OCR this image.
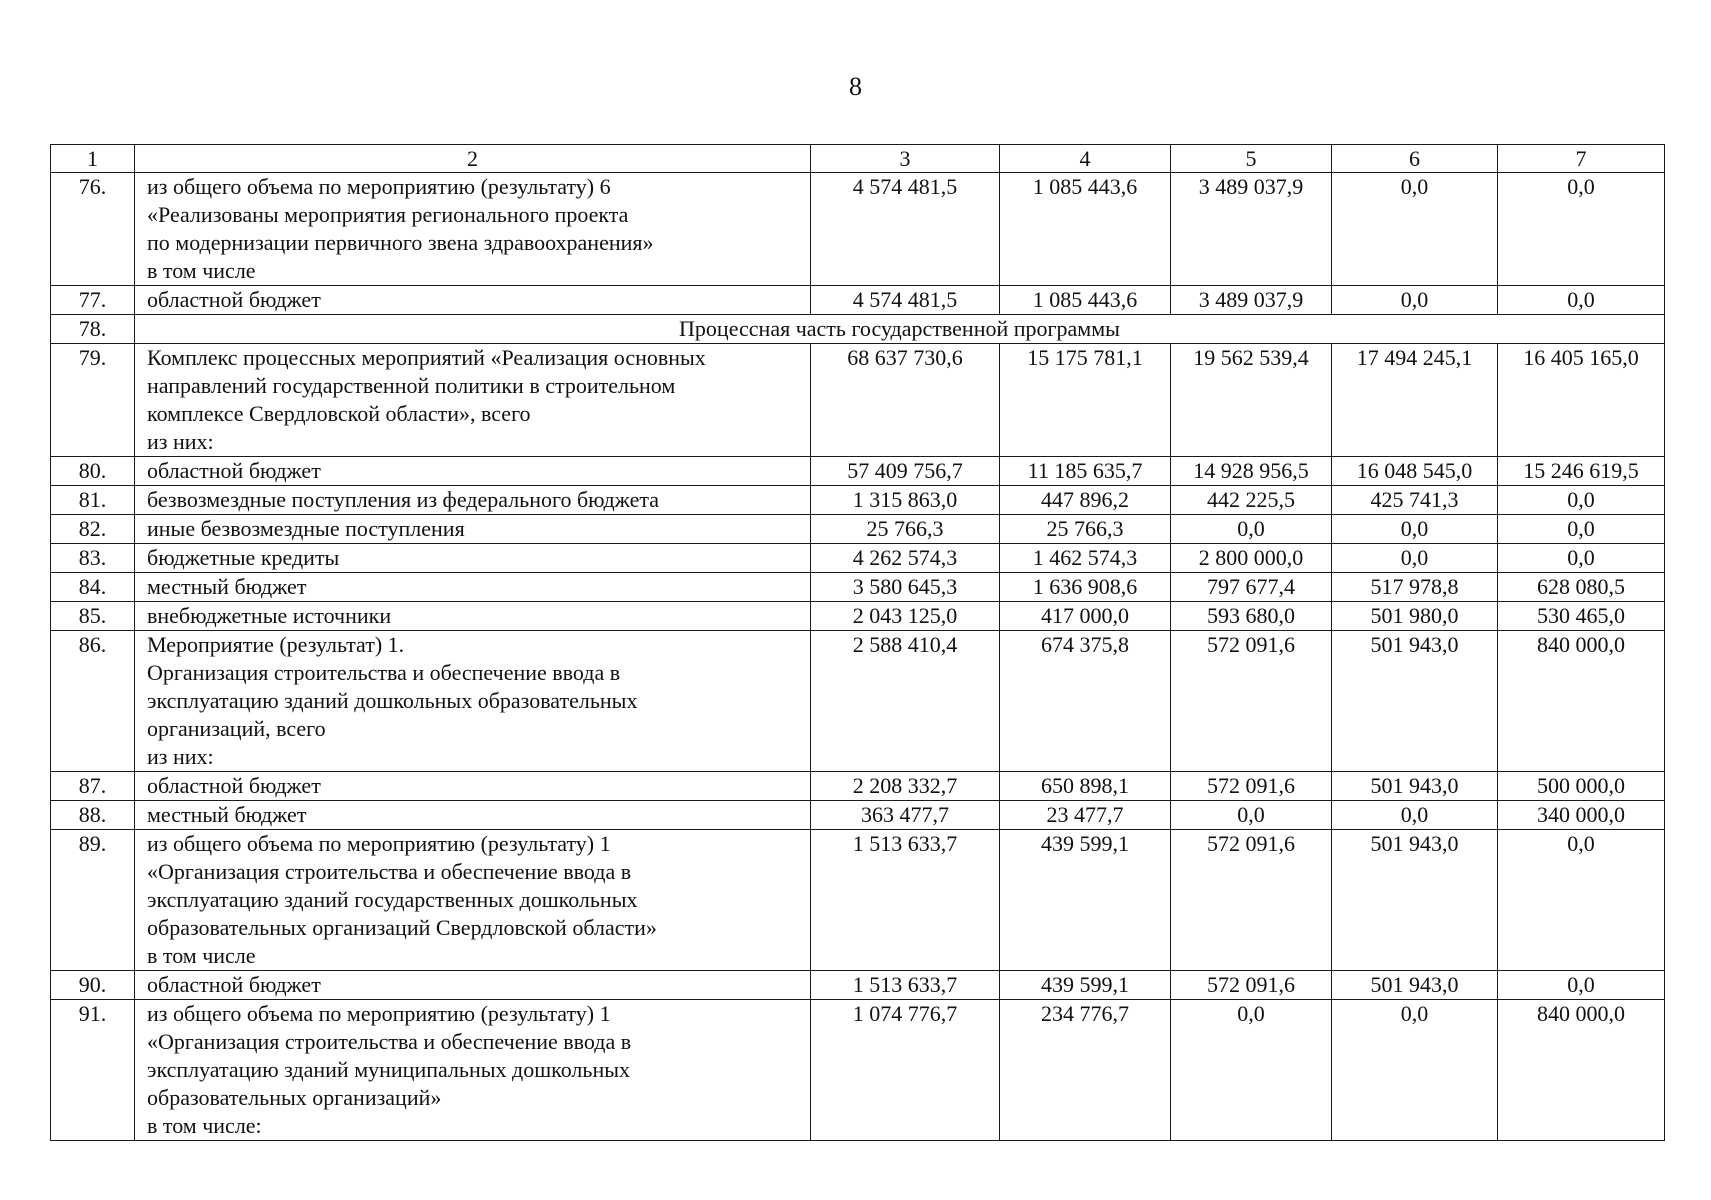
8
1	2	3	4	5	6	7
76.	из общего объема по мероприятию (результату) 6
«Реализованы мероприятия регионального проекта
по модернизации первичного звена здравоохранения»
в том числе	4 574 481,5	1 085 443,6	3 489 037,9	0,0	0,0
77.	областной бюджет	4 574 481,5	1 085 443,6	3 489 037,9	0,0	0,0
78.	Процессная часть государственной программы					
79.	Комплекс процессных мероприятий «Реализация основных
направлений государственной политики в строительном
комплексе Свердловской области», всего
из них:	68 637 730,6	15 175 781,1	19 562 539,4	17 494 245,1	16 405 165,0
80.	областной бюджет	57 409 756,7	11 185 635,7	14 928 956,5	16 048 545,0	15 246 619,5
81.	безвозмездные поступления из федерального бюджета	1 315 863,0	447 896,2	442 225,5	425 741,3	0,0
82.	иные безвозмездные поступления	25 766,3	25 766,3	0,0	0,0	0,0
83.	бюджетные кредиты	4 262 574,3	1 462 574,3	2 800 000,0	0,0	0,0
84.	местный бюджет	3 580 645,3	1 636 908,6	797 677,4	517 978,8	628 080,5
85.	внебюджетные источники	2 043 125,0	417 000,0	593 680,0	501 980,0	530 465,0
86.	Мероприятие (результат) 1.
Организация строительства и обеспечение ввода в
эксплуатацию зданий дошкольных образовательных
организаций, всего
из них:	2 588 410,4	674 375,8	572 091,6	501 943,0	840 000,0
87.	областной бюджет	2 208 332,7	650 898,1	572 091,6	501 943,0	500 000,0
88.	местный бюджет	363 477,7	23 477,7	0,0	0,0	340 000,0
89.	из общего объема по мероприятию (результату) 1
«Организация строительства и обеспечение ввода в
эксплуатацию зданий государственных дошкольных
образовательных организаций Свердловской области»
в том числе	1 513 633,7	439 599,1	572 091,6	501 943,0	0,0
90.	областной бюджет	1 513 633,7	439 599,1	572 091,6	501 943,0	0,0
91.	из общего объема по мероприятию (результату) 1
«Организация строительства и обеспечение ввода в
эксплуатацию зданий муниципальных дошкольных
образовательных организаций»
в том числе:	1 074 776,7	234 776,7	0,0	0,0	840 000,0
